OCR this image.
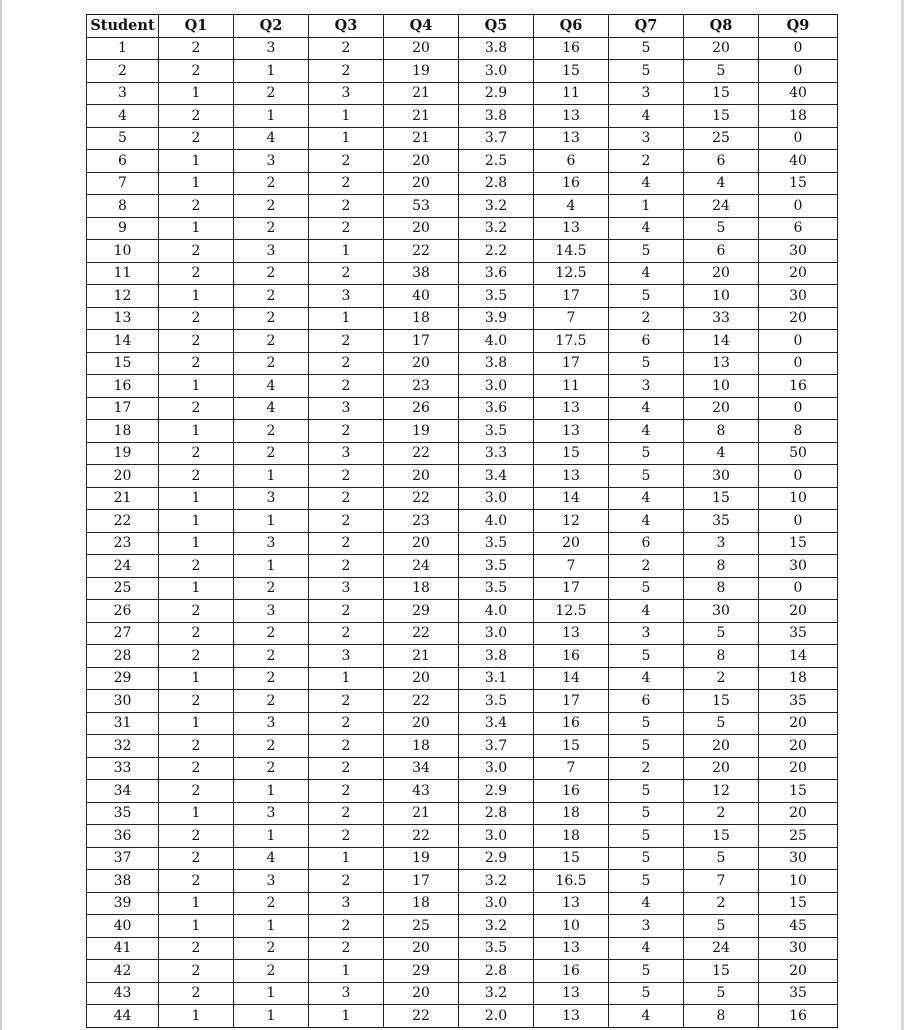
Student	Q1	Q2	Q3	Q4	Q5	Q6	Q7	Q8	Q9
1	2	3	2	20	3.8	16	5	20	0
2	2	1	2	19	3.0	15	5	5	0
3	1	2	3	21	2.9	11	3	15	40
4	2	1	1	21	3.8	13	4	15	18
5	2	4	1	21	3.7	13	3	25	0
6	1	3	2	20	2.5	6	2	6	40
7	1	2	2	20	2.8	16	4	4	15
8	2	2	2	53	3.2	4	1	24	0
9	1	2	2	20	3.2	13	4	5	6
10	2	3	1	22	2.2	14.5	5	6	30
11	2	2	2	38	3.6	12.5	4	20	20
12	1	2	3	40	3.5	17	5	10	30
13	2	2	1	18	3.9	7	2	33	20
14	2	2	2	17	4.0	17.5	6	14	0
15	2	2	2	20	3.8	17	5	13	0
16	1	4	2	23	3.0	11	3	10	16
17	2	4	3	26	3.6	13	4	20	0
18	1	2	2	19	3.5	13	4	8	8
19	2	2	3	22	3.3	15	5	4	50
20	2	1	2	20	3.4	13	5	30	0
21	1	3	2	22	3.0	14	4	15	10
22	1	1	2	23	4.0	12	4	35	0
23	1	3	2	20	3.5	20	6	3	15
24	2	1	2	24	3.5	7	2	8	30
25	1	2	3	18	3.5	17	5	8	0
26	2	3	2	29	4.0	12.5	4	30	20
27	2	2	2	22	3.0	13	3	5	35
28	2	2	3	21	3.8	16	5	8	14
29	1	2	1	20	3.1	14	4	2	18
30	2	2	2	22	3.5	17	6	15	35
31	1	3	2	20	3.4	16	5	5	20
32	2	2	2	18	3.7	15	5	20	20
33	2	2	2	34	3.0	7	2	20	20
34	2	1	2	43	2.9	16	5	12	15
35	1	3	2	21	2.8	18	5	2	20
36	2	1	2	22	3.0	18	5	15	25
37	2	4	1	19	2.9	15	5	5	30
38	2	3	2	17	3.2	16.5	5	7	10
39	1	2	3	18	3.0	13	4	2	15
40	1	1	2	25	3.2	10	3	5	45
41	2	2	2	20	3.5	13	4	24	30
42	2	2	1	29	2.8	16	5	15	20
43	2	1	3	20	3.2	13	5	5	35
44	1	1	1	22	2.0	13	4	8	16
